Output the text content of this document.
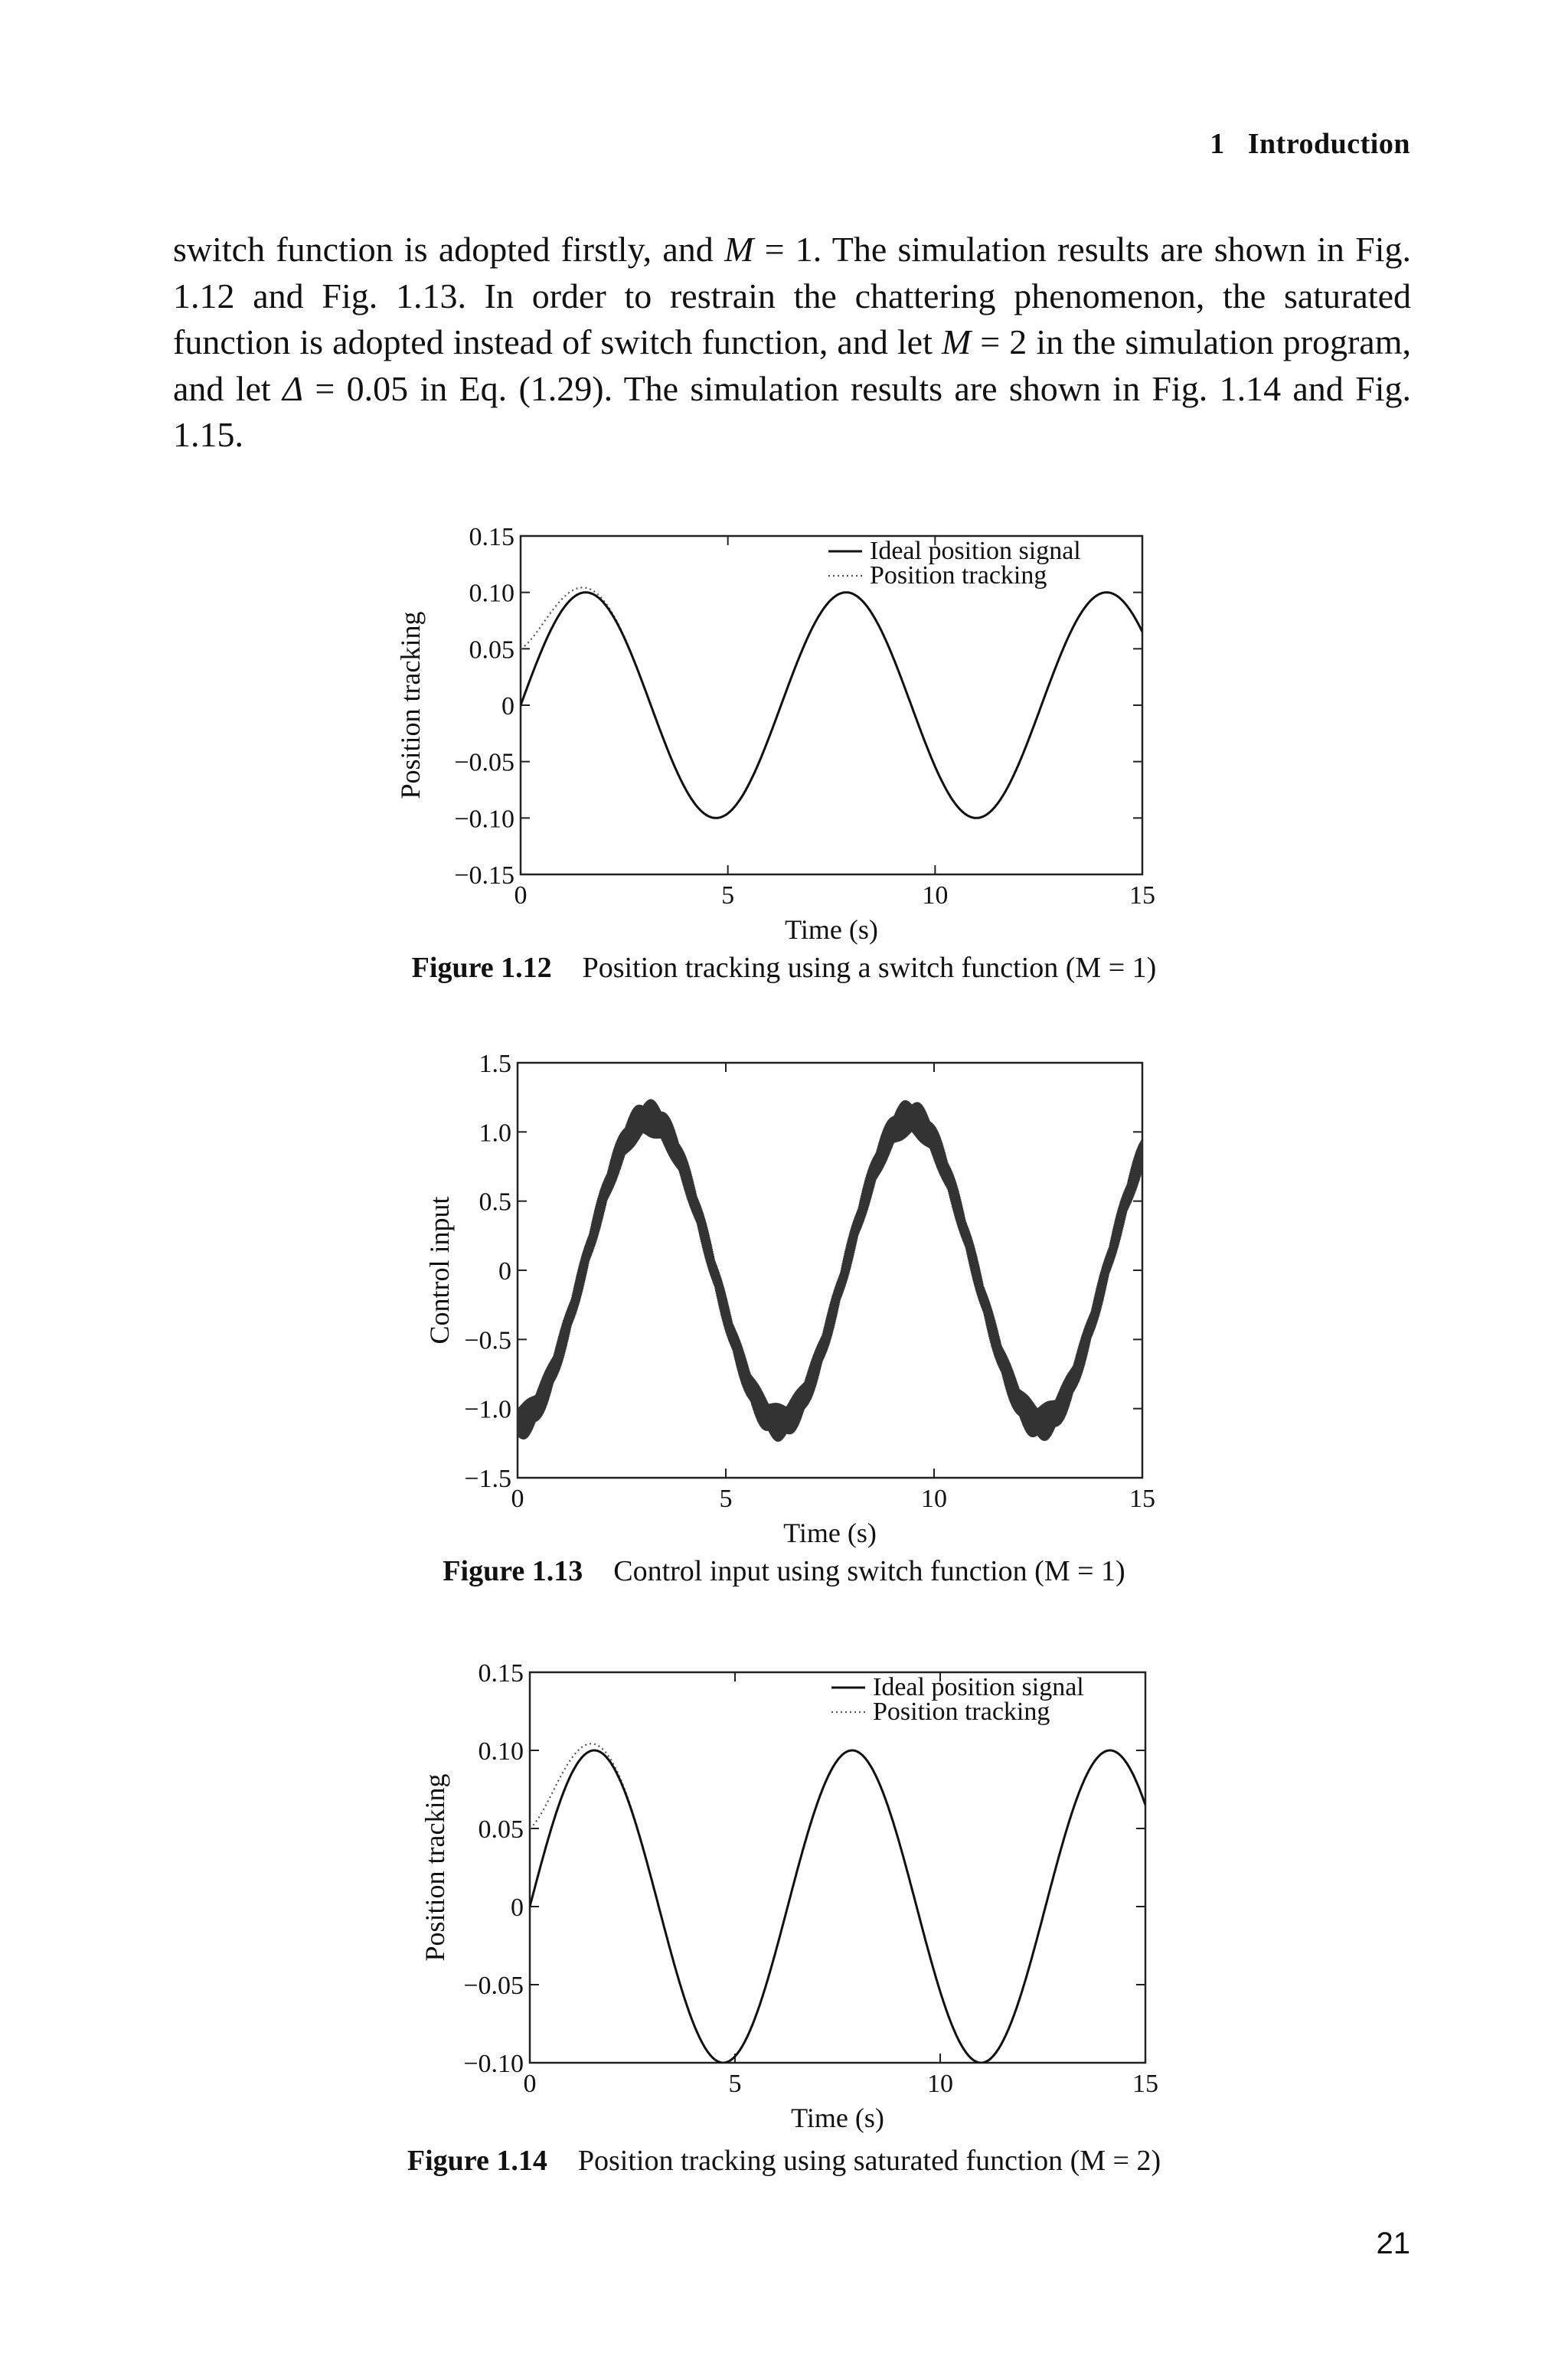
1 Introduction

switch function is adopted firstly, and M = 1. The simulation results are shown in Fig. 1.12 and Fig. 1.13. In order to restrain the chattering phenomenon, the saturated function is adopted instead of switch function, and let M = 2 in the simulation program, and let Δ = 0.05 in Eq. (1.29). The simulation results are shown in Fig. 1.14 and Fig. 1.15.

0	5	10	15
0.15
0.10
0.05
0
−0.05
−0.10
−0.15
Time (s)
Position tracking
Ideal position signal
Position tracking
Figure 1.12 Position tracking using a switch function (M = 1)
0	5	10	15
1.5
1.0
0.5
0
−0.5
−1.0
−1.5
Time (s)
Control input
Figure 1.13 Control input using switch function (M = 1)
0	5	10	15
0.15
0.10
0.05
0
−0.05
−0.10
Time (s)
Position tracking
Ideal position signal
Position tracking
Figure 1.14 Position tracking using saturated function (M = 2)
21
